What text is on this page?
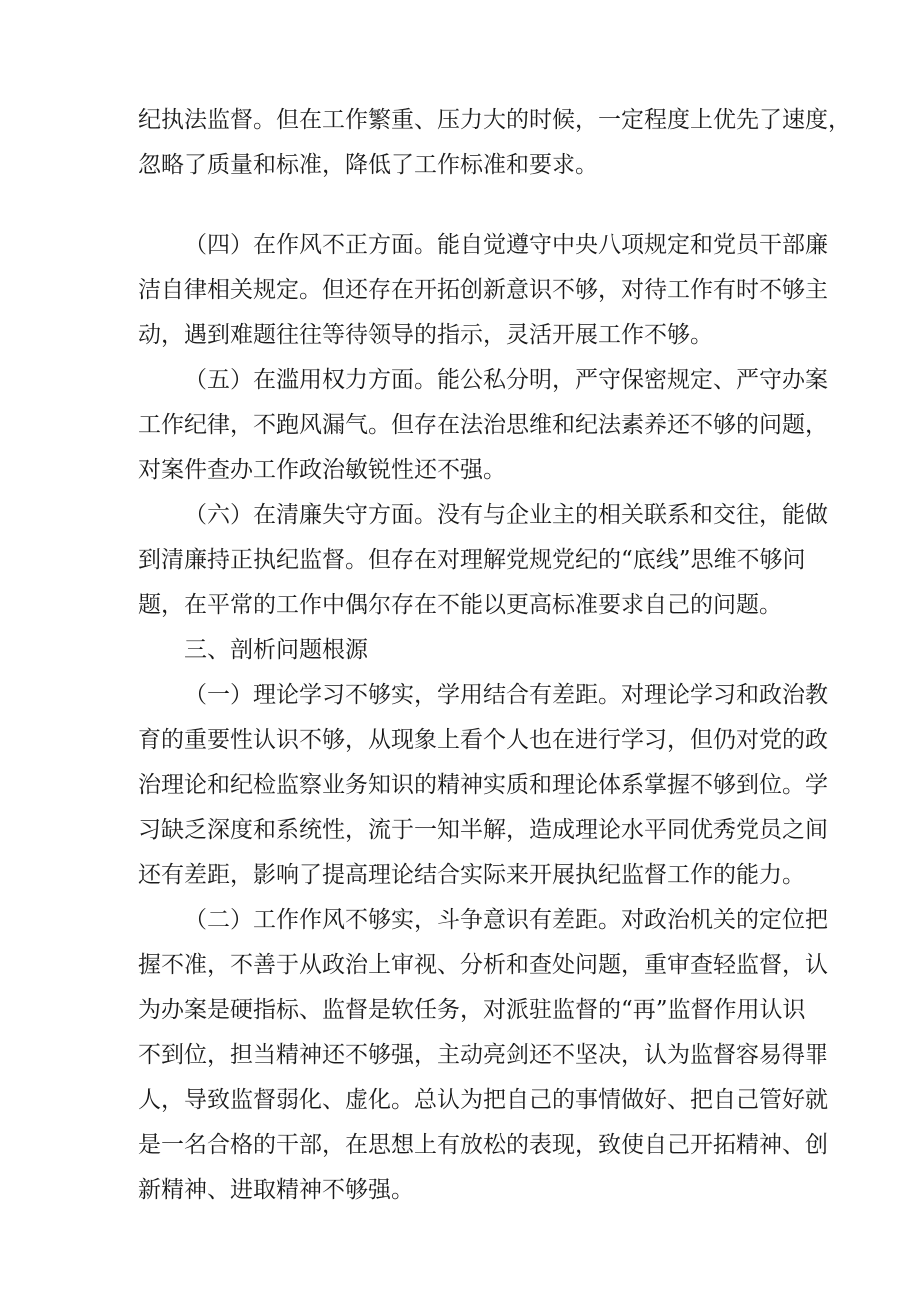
纪执法监督。但在工作繁重、压力大的时候，一定程度上优先了速度，
忽略了质量和标准，降低了工作标准和要求。
（四）在作风不正方面。能自觉遵守中央八项规定和党员干部廉
洁自律相关规定。但还存在开拓创新意识不够，对待工作有时不够主
动，遇到难题往往等待领导的指示，灵活开展工作不够。
（五）在滥用权力方面。能公私分明，严守保密规定、严守办案
工作纪律，不跑风漏气。但存在法治思维和纪法素养还不够的问题，
对案件查办工作政治敏锐性还不强。
（六）在清廉失守方面。没有与企业主的相关联系和交往，能做
到清廉持正执纪监督。但存在对理解党规党纪的“底线”思维不够问
题，在平常的工作中偶尔存在不能以更高标准要求自己的问题。
三、剖析问题根源
（一）理论学习不够实，学用结合有差距。对理论学习和政治教
育的重要性认识不够，从现象上看个人也在进行学习，但仍对党的政
治理论和纪检监察业务知识的精神实质和理论体系掌握不够到位。学
习缺乏深度和系统性，流于一知半解，造成理论水平同优秀党员之间
还有差距，影响了提高理论结合实际来开展执纪监督工作的能力。
（二）工作作风不够实，斗争意识有差距。对政治机关的定位把
握不准，不善于从政治上审视、分析和查处问题，重审查轻监督，认
为办案是硬指标、监督是软任务，对派驻监督的“再”监督作用认识
不到位，担当精神还不够强，主动亮剑还不坚决，认为监督容易得罪
人，导致监督弱化、虚化。总认为把自己的事情做好、把自己管好就
是一名合格的干部，在思想上有放松的表现，致使自己开拓精神、创
新精神、进取精神不够强。
